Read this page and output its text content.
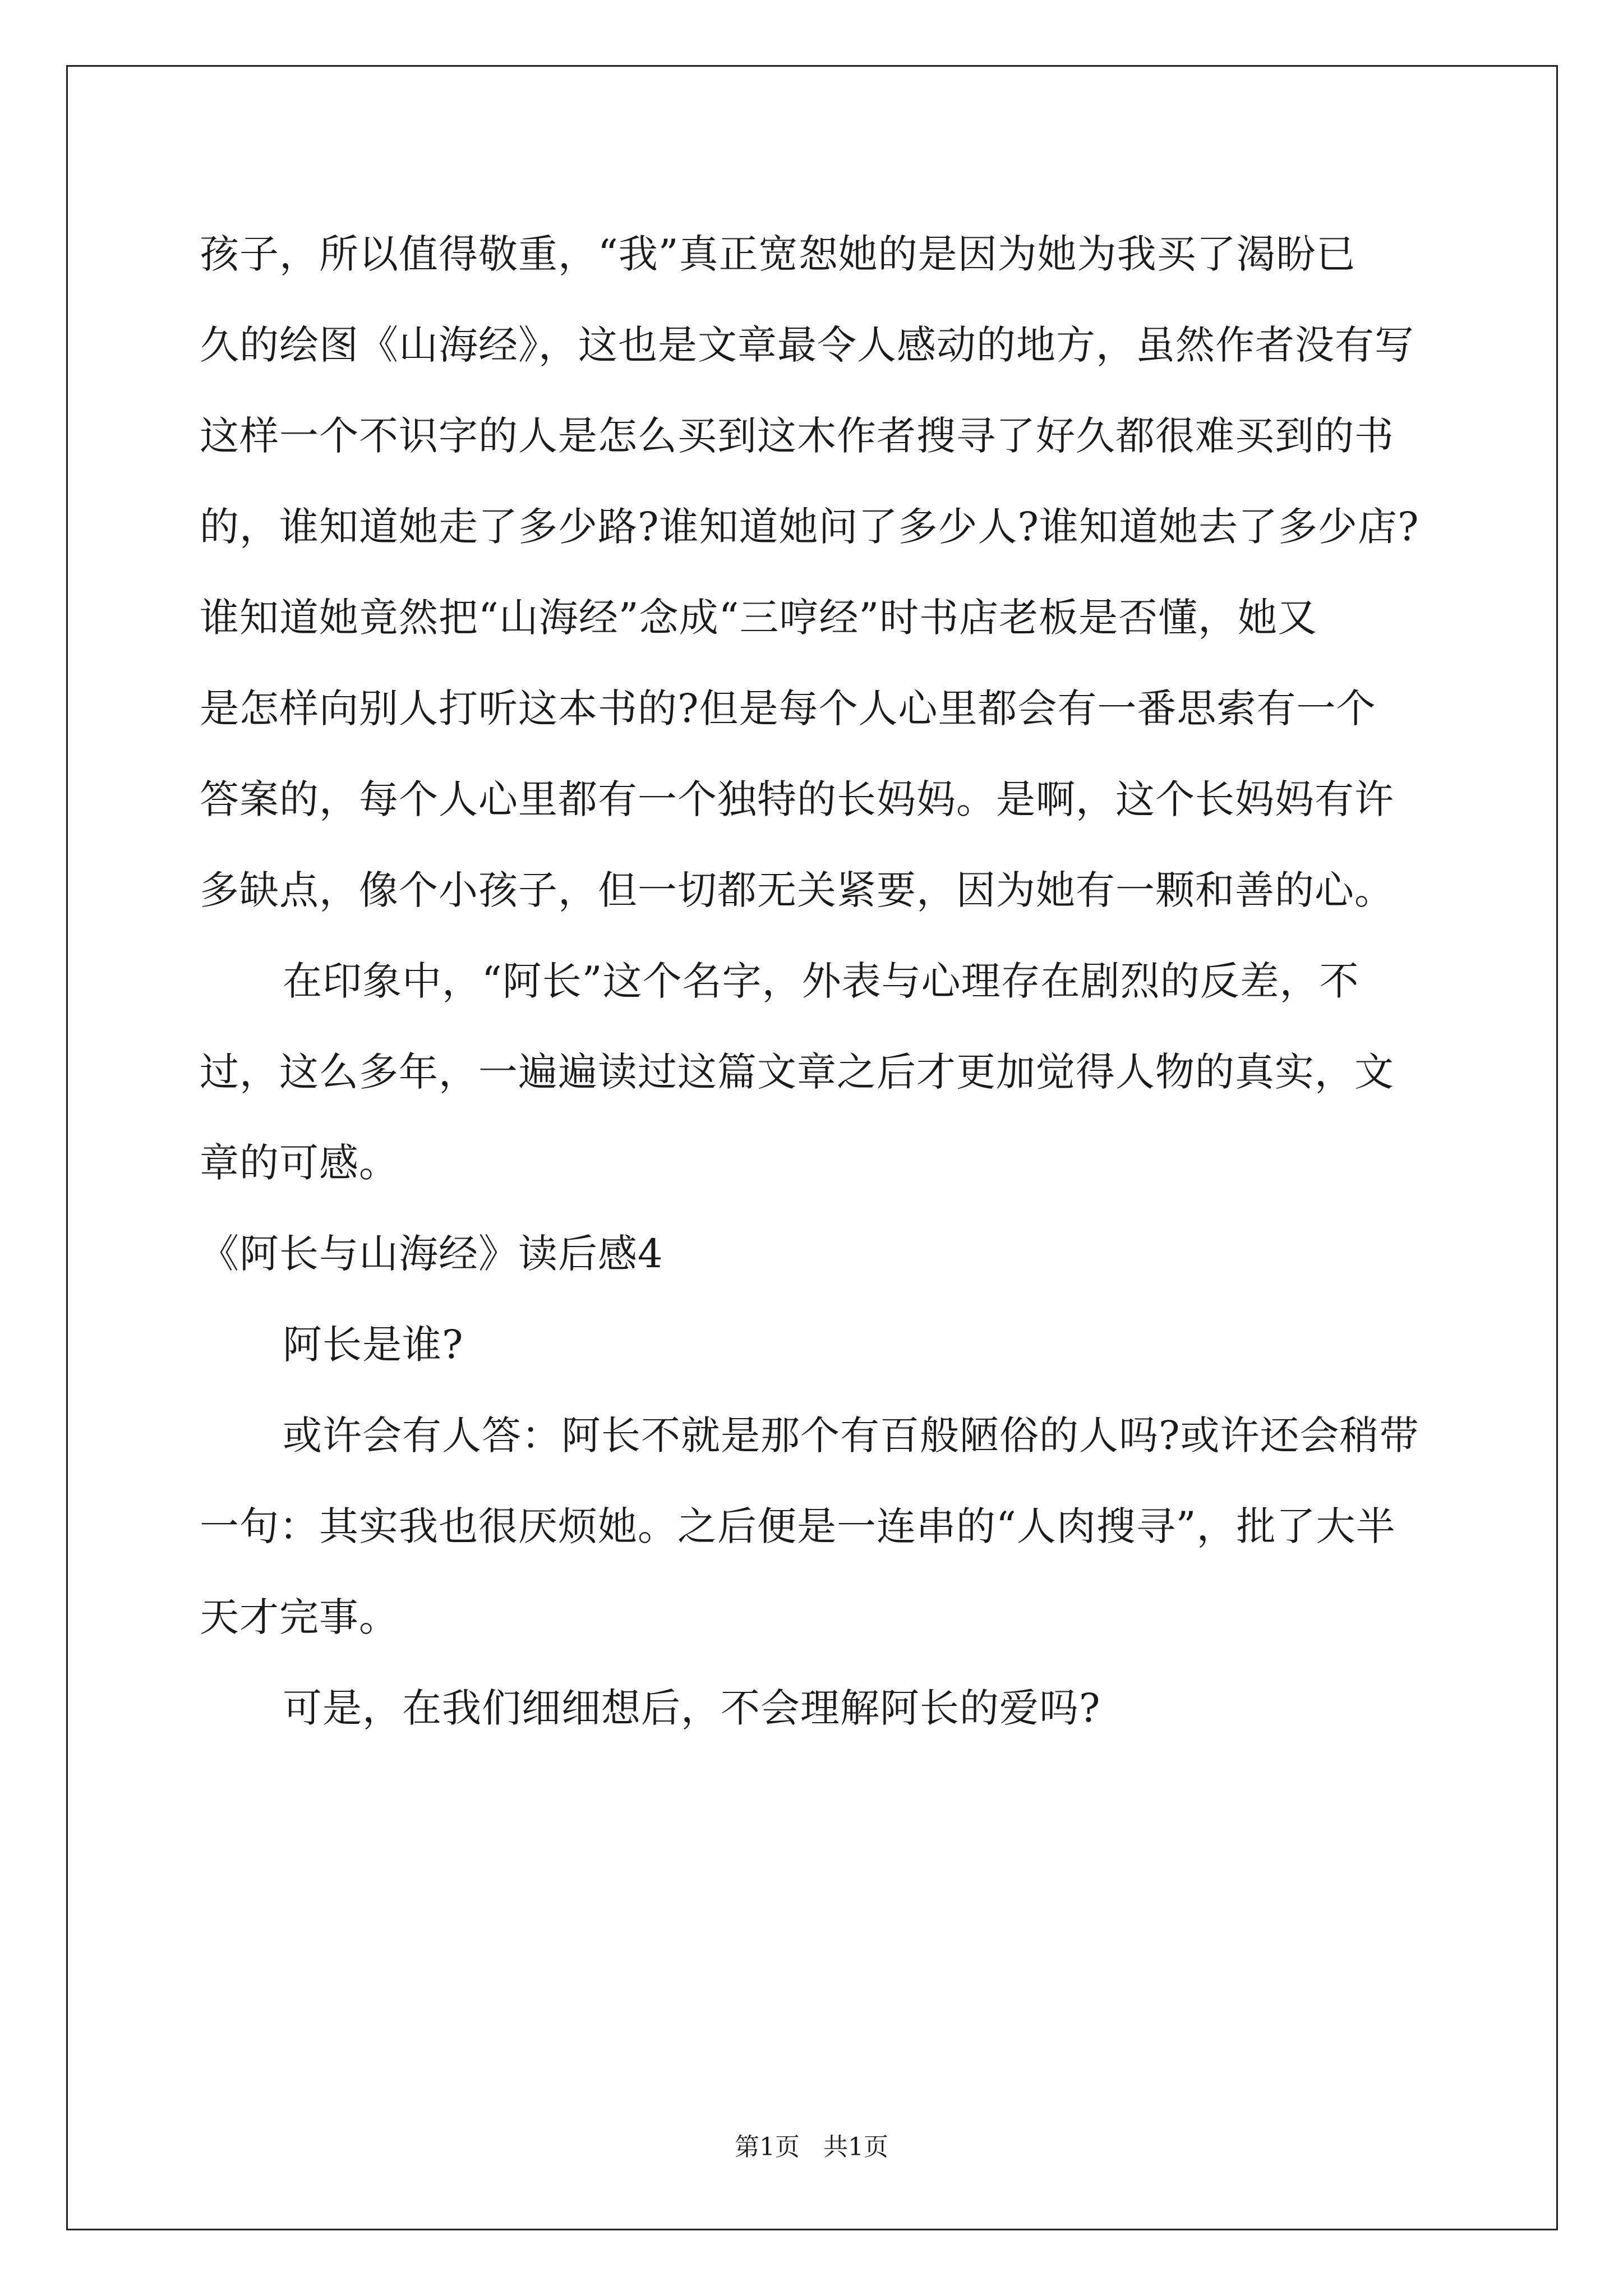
孩子，所以值得敬重，“我”真正宽恕她的是因为她为我买了渴盼已
久的绘图《山海经》，这也是文章最令人感动的地方，虽然作者没有写
这样一个不识字的人是怎么买到这木作者搜寻了好久都很难买到的书
的，谁知道她走了多少路?谁知道她问了多少人?谁知道她去了多少店?
谁知道她竟然把“山海经”念成“三哼经”时书店老板是否懂，她又
是怎样向别人打听这本书的?但是每个人心里都会有一番思索有一个
答案的，每个人心里都有一个独特的长妈妈。是啊，这个长妈妈有许
多缺点，像个小孩子，但一切都无关紧要，因为她有一颗和善的心。
在印象中，“阿长”这个名字，外表与心理存在剧烈的反差，不
过，这么多年，一遍遍读过这篇文章之后才更加觉得人物的真实，文
章的可感。
《阿长与山海经》读后感4
阿长是谁?
或许会有人答：阿长不就是那个有百般陋俗的人吗?或许还会稍带
一句：其实我也很厌烦她。之后便是一连串的“人肉搜寻”，批了大半
天才完事。
可是，在我们细细想后，不会理解阿长的爱吗?
第1页   共1页
